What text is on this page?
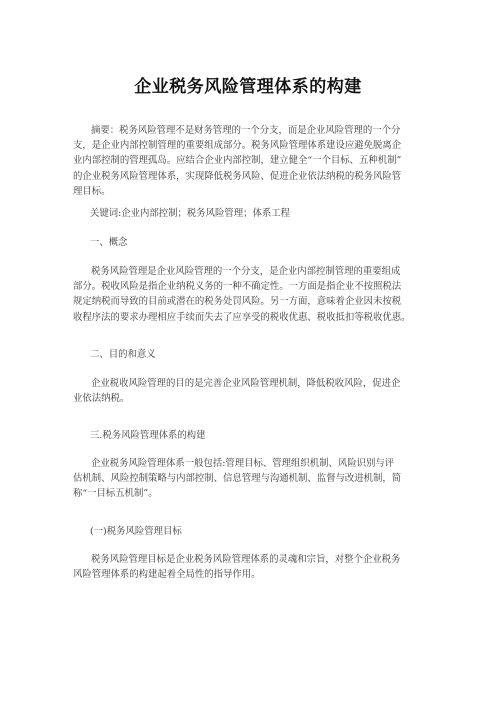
企业税务风险管理体系的构建
摘要：税务风险管理不是财务管理的一个分支，而是企业风险管理的一个分
支，是企业内部控制管理的重要组成部分。税务风险管理体系建设应避免脱离企
业内部控制的管理孤岛。应结合企业内部控制，建立健全“一个目标、五种机制”
的企业税务风险管理体系，实现降低税务风险、促进企业依法纳税的税务风险管
理目标。
关键词:企业内部控制；税务风险管理；体系工程
一、概念
税务风险管理是企业风险管理的一个分支，是企业内部控制管理的重要组成
部分。税收风险是指企业纳税义务的一种不确定性。一方面是指企业不按照税法
规定纳税而导致的目前或潜在的税务处罚风险。另一方面，意味着企业因未按税
收程序法的要求办理相应手续而失去了应享受的税收优惠、税收抵扣等税收优惠。
二、目的和意义
企业税收风险管理的目的是完善企业风险管理机制，降低税收风险，促进企
业依法纳税。
三.税务风险管理体系的构建
企业税务风险管理体系一般包括:管理目标、管理组织机制、风险识别与评
估机制、风险控制策略与内部控制、信息管理与沟通机制、监督与改进机制，简
称“一目标五机制”。
(一)税务风险管理目标
税务风险管理目标是企业税务风险管理体系的灵魂和宗旨，对整个企业税务
风险管理体系的构建起着全局性的指导作用。
